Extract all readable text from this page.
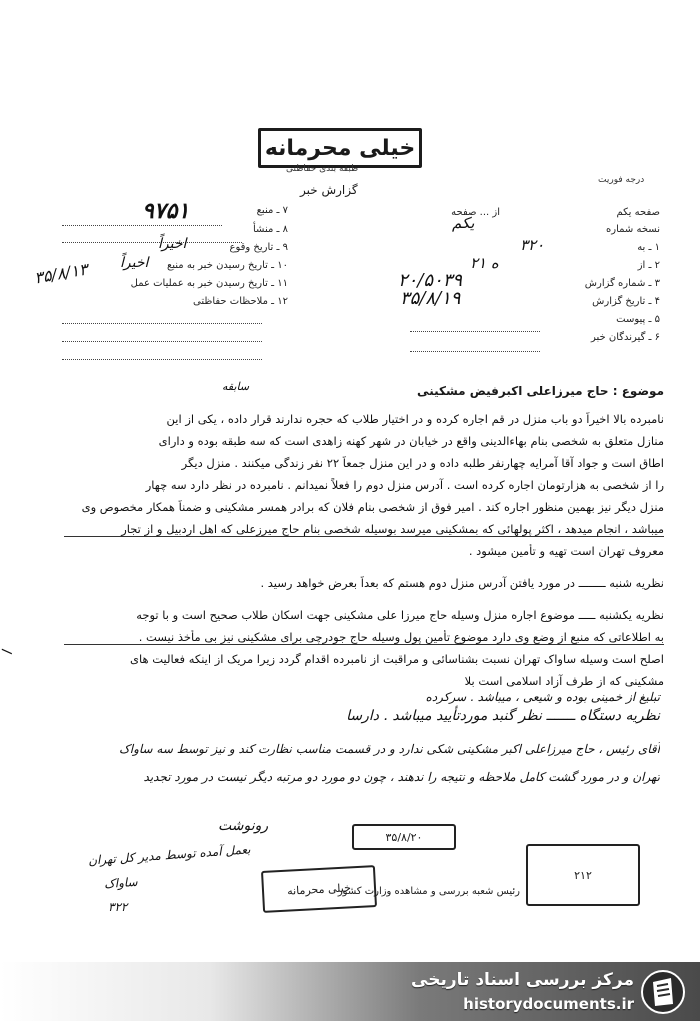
خیلی محرمانه
طبقه بندی حفاظتی
گزارش خبر
درجه فوریت
۷ ـ منبع
۹۷۵۱
۸ ـ منشأ
۹ ـ تاریخ وقوع
اخیراً
۱۰ ـ تاریخ رسیدن خبر به منبع
اخیراً
۱۱ ـ تاریخ رسیدن خبر به عملیات عمل
۳۵/۸/۱۳
۱۲ ـ ملاحظات حفاظتی
صفحه یکم
از ... صفحه
نسخه شماره
یکم
۱ ـ به
۳۲۰
۲ ـ از
۲۱ ه
۳ ـ شماره گزارش
۲۰/۵۰۳۹
۴ ـ تاریخ گزارش
۳۵/۸/۱۹
۵ ـ پیوست
۶ ـ گیرندگان خبر
سابقه	موضوع : حاج میرزاعلی اکبرفیض مشکینی
نامبرده بالا اخیراً دو باب منزل در قم اجاره کرده و در اختیار طلاب که حجره ندارند قرار داده ، یکی از این
منازل متعلق به شخصی بنام بهاءالدینی واقع در خیابان در شهر کهنه زاهدی است که سه طبقه بوده و دارای
اطاق است و جواد آقا آمرایه چهارنفر طلبه داده و در این منزل جمعاً ۲۲ نفر زندگی میکنند . منزل دیگر
را از شخصی به هزارتومان اجاره کرده است . آدرس منزل دوم را فعلاً نمیدانم . نامبرده در نظر دارد سه چهار
منزل دیگر نیز بهمین منظور اجاره کند . امیر فوق از شخصی بنام فلان که برادر همسر مشکینی و ضمناً همکار مخصوص وی
میباشد ، انجام میدهد ، اکثر پولهائی که بمشکینی میرسد بوسیله شخصی بنام حاج میرزعلی که اهل اردبیل و از تجار
معروف تهران است تهیه و تأمین میشود .
نظریه شنبه ــــــــ در مورد یافتن آدرس منزل دوم هستم که بعداً بعرض خواهد رسید .
نظریه یکشنبه ـــــ موضوع اجاره منزل وسیله حاج میرزا علی مشکینی جهت اسکان طلاب صحیح است و با توجه
به اطلاعاتی که منبع از وضع وی دارد موضوع تأمین پول وسیله حاج جودرچی برای مشکینی نیز بی مأخذ نیست .
اصلح است وسیله ساواک تهران نسبت بشناسائی و مراقبت از نامبرده اقدام گردد زیرا مریک از اینکه فعالیت های
مشکینی که از طرف آزاد اسلامی است بلا
تبلیغ از خمینی بوده و شیعی ، میباشد . سرکرده
ا
نظریه دستگاه ـــــــ نظر گنبد موردتأیید میباشد . دارسا
آقای رئیس ، حاج میرزاعلی اکبر مشکینی شکی ندارد و در قسمت مناسب نظارت کند و نیز توسط سه ساواک
تهران و در مورد گشت کامل ملاحظه و نتیجه را ندهند ، چون دو مورد دو مرتبه دیگر نیست در مورد تجدید
رونوشت
بعمل آمده توسط مدیر کل تهران
ساواک
۳۲۲
۳۵/۸/۲۰
خیلی محرمانه
۲۱۲
رئیس شعبه بررسی و مشاهده وزارت کشور
مرکز بررسی اسناد تاریخی
historydocuments.ir
